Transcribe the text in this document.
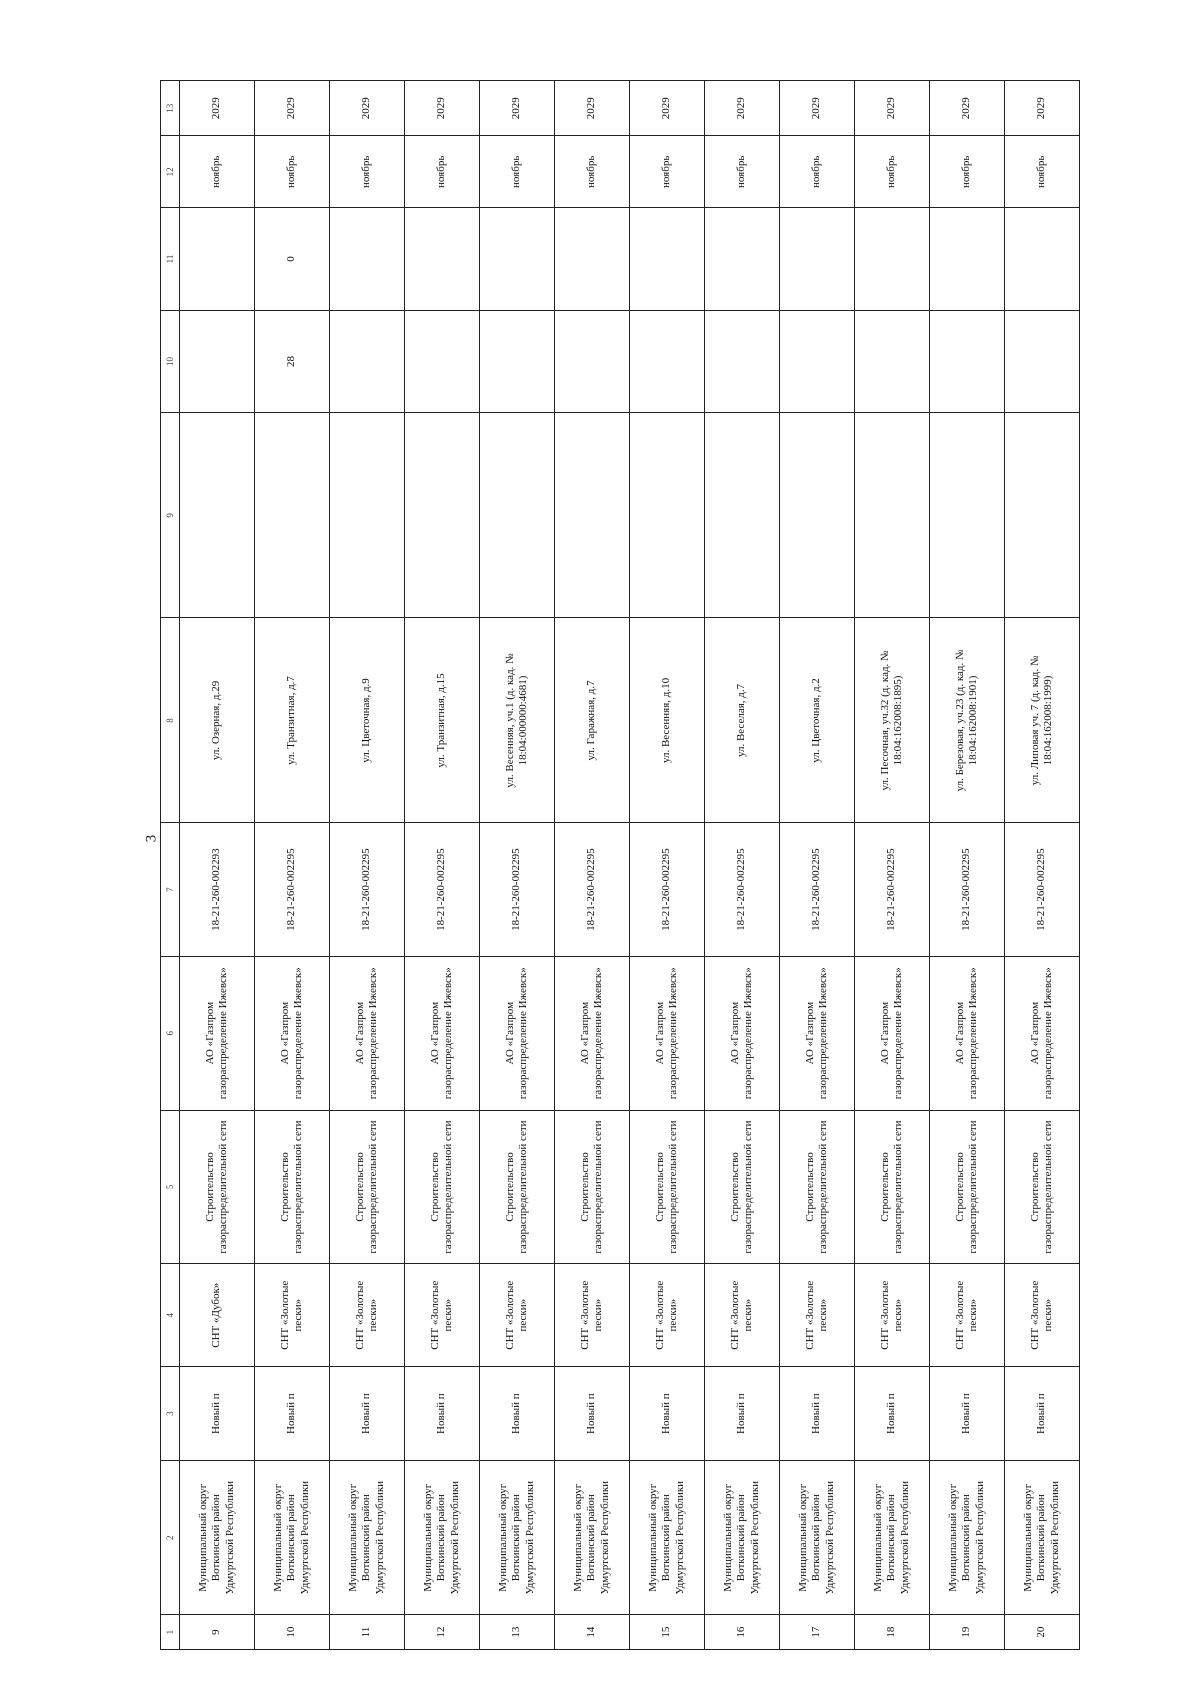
3
1	2	3	4	5	6	7	8	9	10	11	12	13
9	Муниципальный округ Воткинский район Удмуртской Республики	Новый п	СНТ «Дубок»	Строительство газораспределительной сети	АО «Газпром газораспределение Ижевск»	18-21-260-002293	ул. Озерная, д.29				ноябрь	2029
10	Муниципальный округ Воткинский район Удмуртской Республики	Новый п	СНТ «Золотые пески»	Строительство газораспределительной сети	АО «Газпром газораспределение Ижевск»	18-21-260-002295	ул. Транзитная, д.7		28	0	ноябрь	2029
11	Муниципальный округ Воткинский район Удмуртской Республики	Новый п	СНТ «Золотые пески»	Строительство газораспределительной сети	АО «Газпром газораспределение Ижевск»	18-21-260-002295	ул. Цветочная, д.9				ноябрь	2029
12	Муниципальный округ Воткинский район Удмуртской Республики	Новый п	СНТ «Золотые пески»	Строительство газораспределительной сети	АО «Газпром газораспределение Ижевск»	18-21-260-002295	ул. Транзитная, д.15				ноябрь	2029
13	Муниципальный округ Воткинский район Удмуртской Республики	Новый п	СНТ «Золотые пески»	Строительство газораспределительной сети	АО «Газпром газораспределение Ижевск»	18-21-260-002295	ул. Весенняя, уч.1 (д. кад. № 18:04:000000:4681)				ноябрь	2029
14	Муниципальный округ Воткинский район Удмуртской Республики	Новый п	СНТ «Золотые пески»	Строительство газораспределительной сети	АО «Газпром газораспределение Ижевск»	18-21-260-002295	ул. Гаражная, д.7				ноябрь	2029
15	Муниципальный округ Воткинский район Удмуртской Республики	Новый п	СНТ «Золотые пески»	Строительство газораспределительной сети	АО «Газпром газораспределение Ижевск»	18-21-260-002295	ул. Весенняя, д.10				ноябрь	2029
16	Муниципальный округ Воткинский район Удмуртской Республики	Новый п	СНТ «Золотые пески»	Строительство газораспределительной сети	АО «Газпром газораспределение Ижевск»	18-21-260-002295	ул. Веселая, д.7				ноябрь	2029
17	Муниципальный округ Воткинский район Удмуртской Республики	Новый п	СНТ «Золотые пески»	Строительство газораспределительной сети	АО «Газпром газораспределение Ижевск»	18-21-260-002295	ул. Цветочная, д.2				ноябрь	2029
18	Муниципальный округ Воткинский район Удмуртской Республики	Новый п	СНТ «Золотые пески»	Строительство газораспределительной сети	АО «Газпром газораспределение Ижевск»	18-21-260-002295	ул. Песочная, уч.32 (д. кад. № 18:04:162008:1895)				ноябрь	2029
19	Муниципальный округ Воткинский район Удмуртской Республики	Новый п	СНТ «Золотые пески»	Строительство газораспределительной сети	АО «Газпром газораспределение Ижевск»	18-21-260-002295	ул. Березовая, уч.23 (д. кад. № 18:04:162008:1901)				ноябрь	2029
20	Муниципальный округ Воткинский район Удмуртской Республики	Новый п	СНТ «Золотые пески»	Строительство газораспределительной сети	АО «Газпром газораспределение Ижевск»	18-21-260-002295	ул. Липовая уч. 7 (д. кад. № 18:04:162008:1999)				ноябрь	2029
